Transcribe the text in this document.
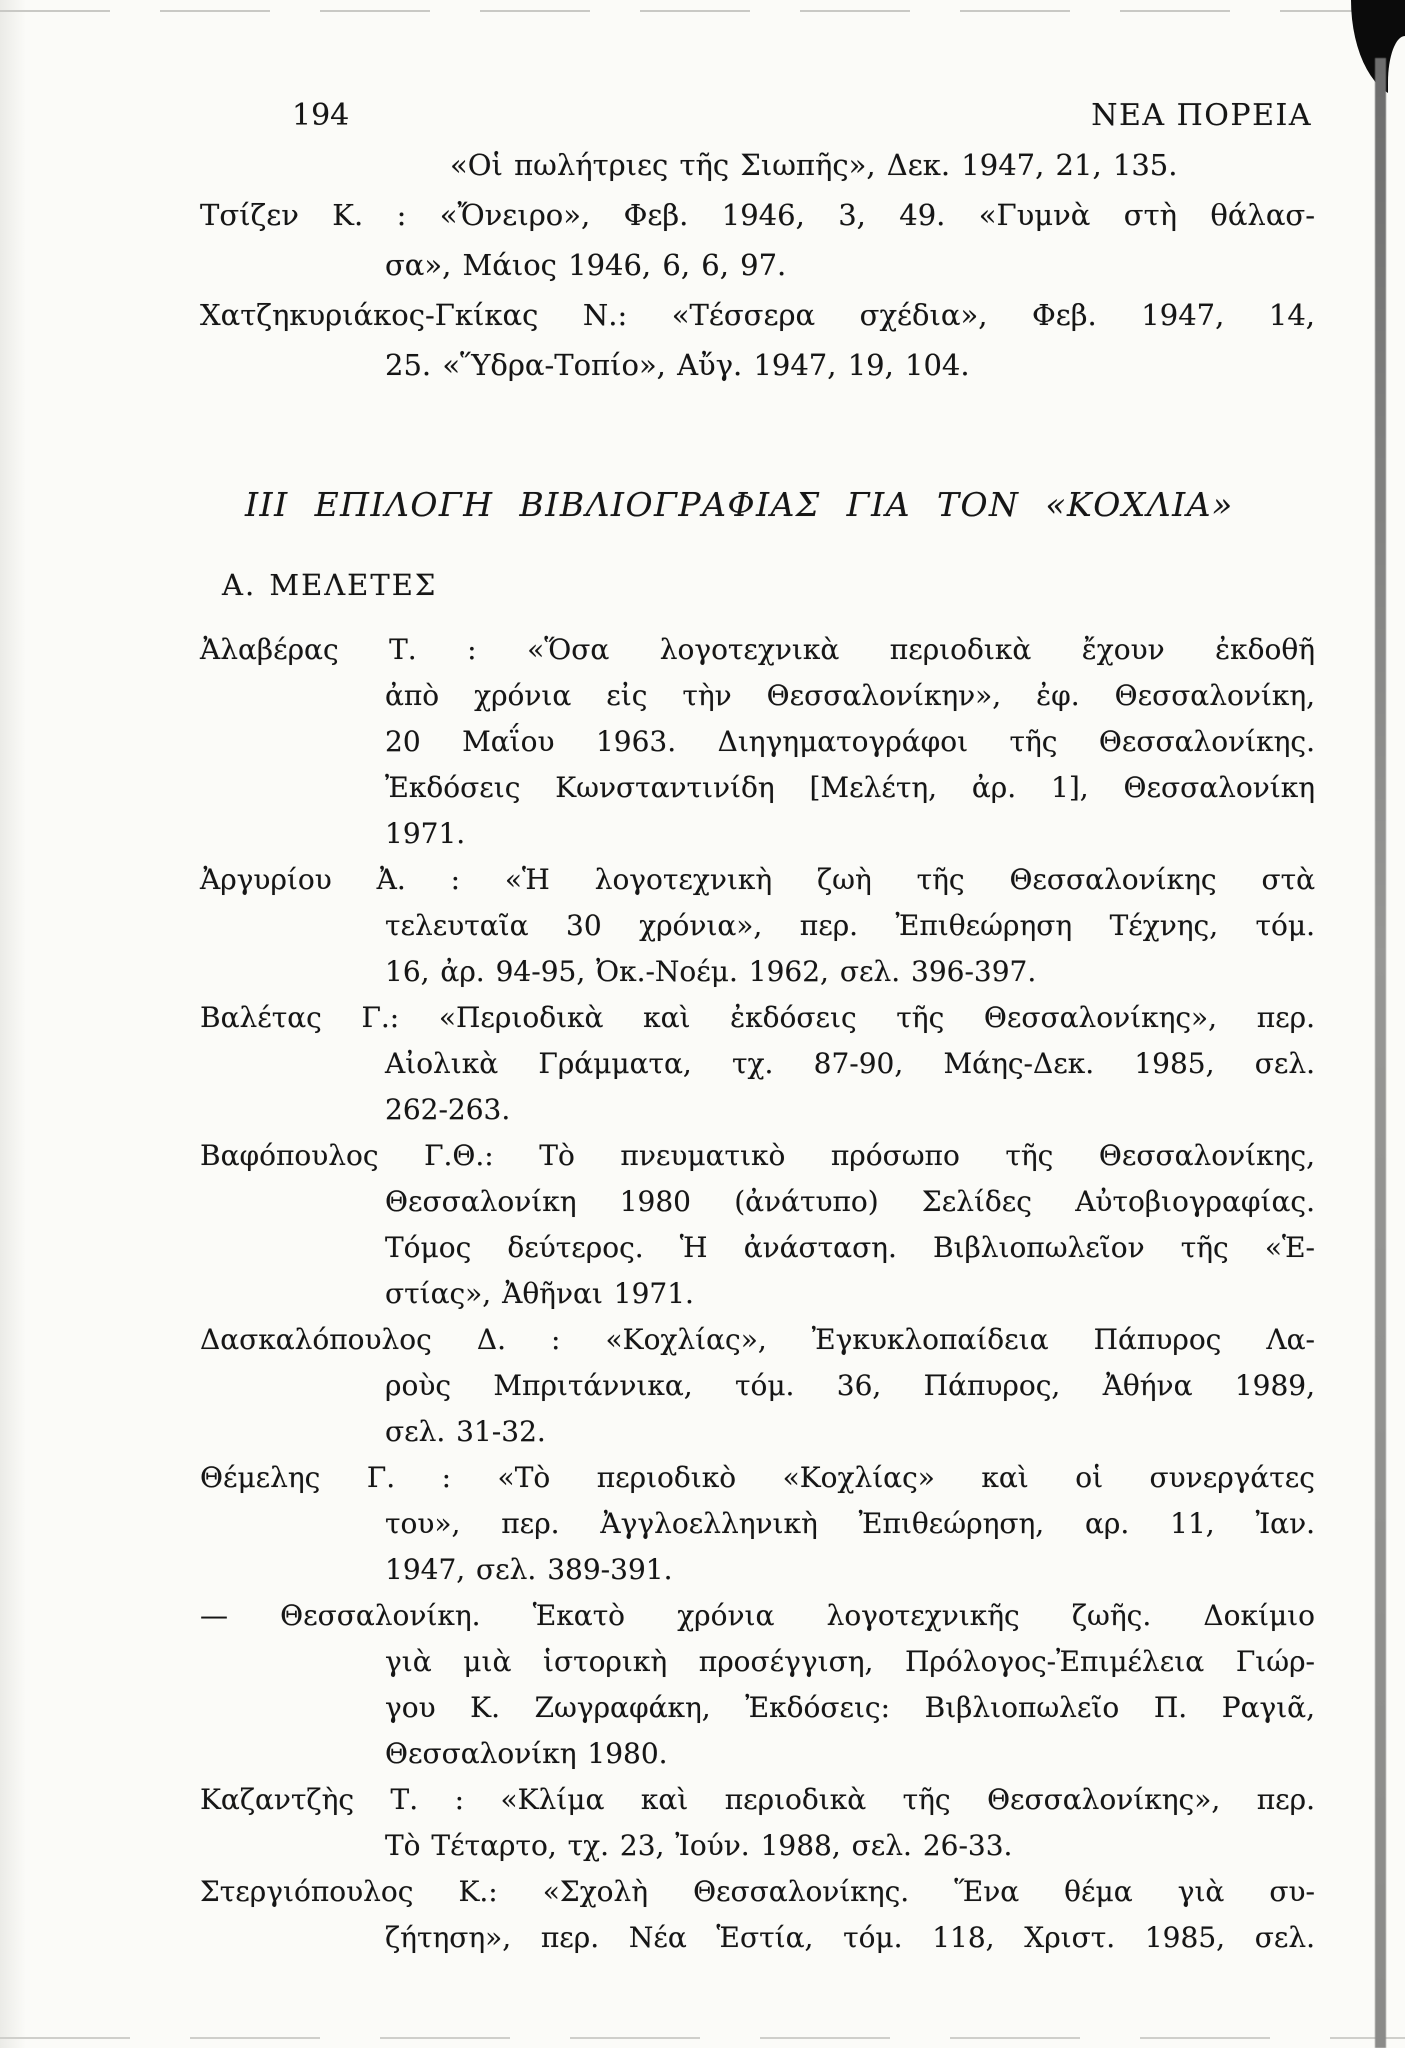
194	ΝΕΑ ΠΟΡΕΙΑ
«Οἱ πωλήτριες τῆς Σιωπῆς», Δεκ. 1947, 21, 135.
Τσίζεν Κ. : «Ὄνειρο», Φεβ. 1946, 3, 49. «Γυμνὰ στὴ θάλασ-
σα», Μάιος 1946, 6, 6, 97.
Χατζηκυριάκος-Γκίκας Ν.: «Τέσσερα σχέδια», Φεβ. 1947, 14,
25. «Ὕδρα-Τοπίο», Αὔγ. 1947, 19, 104.
III ΕΠΙΛΟΓΗ ΒΙΒΛΙΟΓΡΑΦΙΑΣ ΓΙΑ ΤΟΝ «ΚΟΧΛΙΑ»
Α. ΜΕΛΕΤΕΣ
Ἀλαβέρας Τ. : «Ὅσα λογοτεχνικὰ περιοδικὰ ἔχουν ἐκδοθῆ
ἀπὸ χρόνια εἰς τὴν Θεσσαλονίκην», ἐφ. Θεσσαλονίκη,
20 Μαΐου 1963. Διηγηματογράφοι τῆς Θεσσαλονίκης.
Ἐκδόσεις Κωνσταντινίδη [Μελέτη, ἀρ. 1], Θεσσαλονίκη
1971.
Ἀργυρίου Ἀ. : «Ἡ λογοτεχνικὴ ζωὴ τῆς Θεσσαλονίκης στὰ
τελευταῖα 30 χρόνια», περ. Ἐπιθεώρηση Τέχνης, τόμ.
16, ἀρ. 94-95, Ὀκ.-Νοέμ. 1962, σελ. 396-397.
Βαλέτας Γ.: «Περιοδικὰ καὶ ἐκδόσεις τῆς Θεσσαλονίκης», περ.
Αἰολικὰ Γράμματα, τχ. 87-90, Μάης-Δεκ. 1985, σελ.
262-263.
Βαφόπουλος Γ.Θ.: Τὸ πνευματικὸ πρόσωπο τῆς Θεσσαλονίκης,
Θεσσαλονίκη 1980 (ἀνάτυπο) Σελίδες Αὐτοβιογραφίας.
Τόμος δεύτερος. Ἡ ἀνάσταση. Βιβλιοπωλεῖον τῆς «Ἑ-
στίας», Ἀθῆναι 1971.
Δασκαλόπουλος Δ. : «Κοχλίας», Ἐγκυκλοπαίδεια Πάπυρος Λα-
ροὺς Μπριτάννικα, τόμ. 36, Πάπυρος, Ἀθήνα 1989,
σελ. 31-32.
Θέμελης Γ. : «Τὸ περιοδικὸ «Κοχλίας» καὶ οἱ συνεργάτες
του», περ. Ἀγγλοελληνικὴ Ἐπιθεώρηση, αρ. 11, Ἰαν.
1947, σελ. 389-391.
— Θεσσαλονίκη. Ἑκατὸ χρόνια λογοτεχνικῆς ζωῆς. Δοκίμιο
γιὰ μιὰ ἱστορικὴ προσέγγιση, Πρόλογος-Ἐπιμέλεια Γιώρ-
γου Κ. Ζωγραφάκη, Ἐκδόσεις: Βιβλιοπωλεῖο Π. Ραγιᾶ,
Θεσσαλονίκη 1980.
Καζαντζὴς Τ. : «Κλίμα καὶ περιοδικὰ τῆς Θεσσαλονίκης», περ.
Τὸ Τέταρτο, τχ. 23, Ἰούν. 1988, σελ. 26-33.
Στεργιόπουλος Κ.: «Σχολὴ Θεσσαλονίκης. Ἕνα θέμα γιὰ συ-
ζήτηση», περ. Νέα Ἑστία, τόμ. 118, Χριστ. 1985, σελ.
